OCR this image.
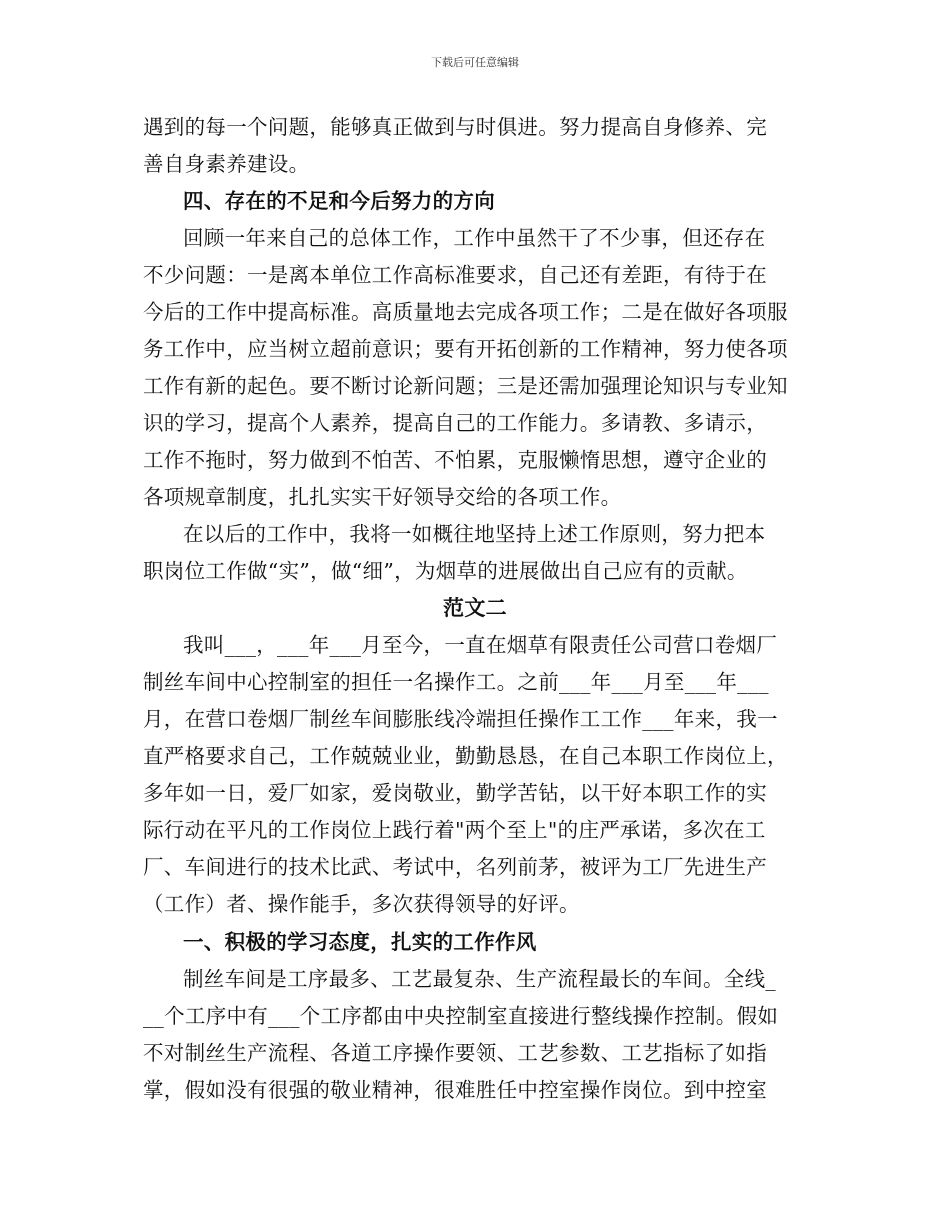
下载后可任意编辑
遇到的每一个问题，能够真正做到与时俱进。努力提高自身修养、完
善自身素养建设。
四、存在的不足和今后努力的方向
回顾一年来自己的总体工作，工作中虽然干了不少事，但还存在
不少问题：一是离本单位工作高标准要求，自己还有差距，有待于在
今后的工作中提高标准。高质量地去完成各项工作；二是在做好各项服
务工作中，应当树立超前意识；要有开拓创新的工作精神，努力使各项
工作有新的起色。要不断讨论新问题；三是还需加强理论知识与专业知
识的学习，提高个人素养，提高自己的工作能力。多请教、多请示，
工作不拖时，努力做到不怕苦、不怕累，克服懒惰思想，遵守企业的
各项规章制度，扎扎实实干好领导交给的各项工作。
在以后的工作中，我将一如概往地坚持上述工作原则，努力把本
职岗位工作做“实”，做“细”，为烟草的进展做出自己应有的贡献。
范文二
我叫___，___年___月至今，一直在烟草有限责任公司营口卷烟厂
制丝车间中心控制室的担任一名操作工。之前___年___月至___年___
月，在营口卷烟厂制丝车间膨胀线冷端担任操作工工作___年来，我一
直严格要求自己，工作兢兢业业，勤勤恳恳，在自己本职工作岗位上，
多年如一日，爱厂如家，爱岗敬业，勤学苦钻，以干好本职工作的实
际行动在平凡的工作岗位上践行着"两个至上"的庄严承诺，多次在工
厂、车间进行的技术比武、考试中，名列前茅，被评为工厂先进生产
（工作）者、操作能手，多次获得领导的好评。
一、积极的学习态度，扎实的工作作风
制丝车间是工序最多、工艺最复杂、生产流程最长的车间。全线_
__个工序中有___个工序都由中央控制室直接进行整线操作控制。假如
不对制丝生产流程、各道工序操作要领、工艺参数、工艺指标了如指
掌，假如没有很强的敬业精神，很难胜任中控室操作岗位。到中控室
